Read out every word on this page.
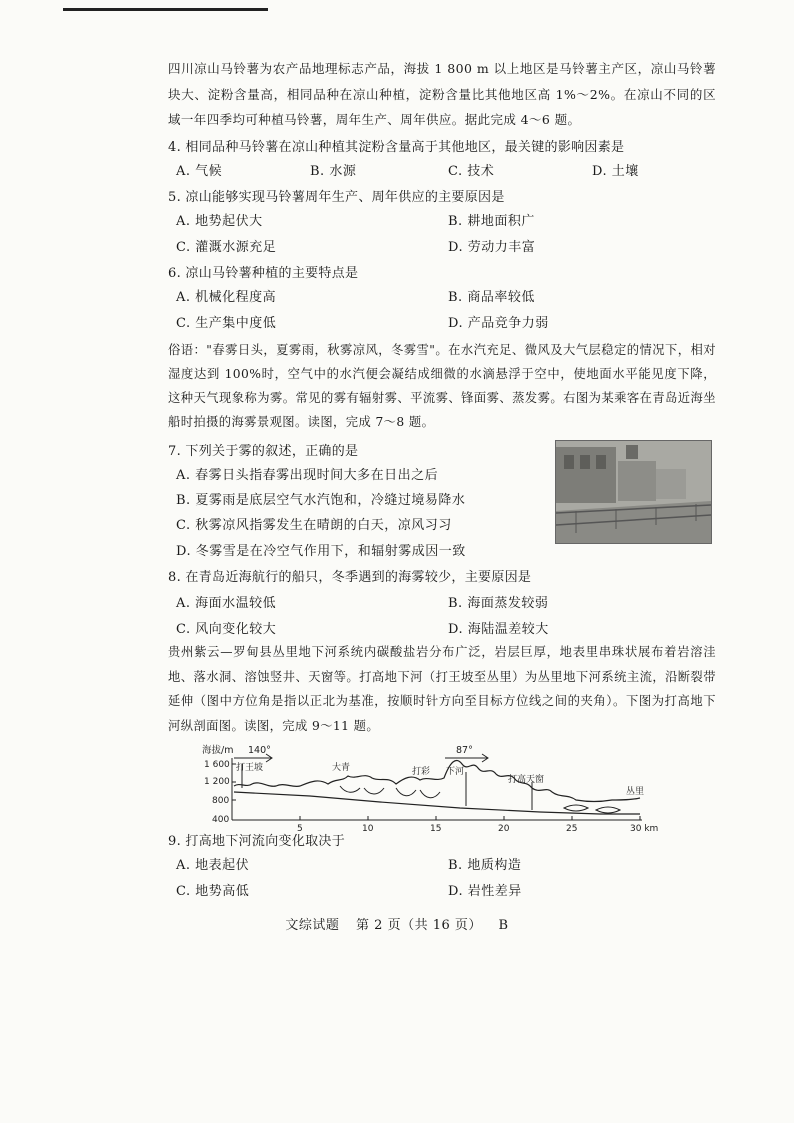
四川凉山马铃薯为农产品地理标志产品，海拔 1 800 m 以上地区是马铃薯主产区，凉山马铃薯块大、淀粉含量高，相同品种在凉山种植，淀粉含量比其他地区高 1%～2%。在凉山不同的区域一年四季均可种植马铃薯，周年生产、周年供应。据此完成 4～6 题。
4. 相同品种马铃薯在凉山种植其淀粉含量高于其他地区，最关键的影响因素是
A. 气候	B. 水源	C. 技术	D. 土壤
5. 凉山能够实现马铃薯周年生产、周年供应的主要原因是
A. 地势起伏大	B. 耕地面积广
C. 灌溉水源充足	D. 劳动力丰富
6. 凉山马铃薯种植的主要特点是
A. 机械化程度高	B. 商品率较低
C. 生产集中度低	D. 产品竞争力弱
俗语："春雾日头，夏雾雨，秋雾凉风，冬雾雪"。在水汽充足、微风及大气层稳定的情况下，相对湿度达到 100%时，空气中的水汽便会凝结成细微的水滴悬浮于空中，使地面水平能见度下降，这种天气现象称为雾。常见的雾有辐射雾、平流雾、锋面雾、蒸发雾。右图为某乘客在青岛近海坐船时拍摄的海雾景观图。读图，完成 7～8 题。
7. 下列关于雾的叙述，正确的是
A. 春雾日头指春雾出现时间大多在日出之后
B. 夏雾雨是底层空气水汽饱和，冷缝过境易降水
C. 秋雾凉风指雾发生在晴朗的白天，凉风习习
D. 冬雾雪是在冷空气作用下，和辐射雾成因一致
8. 在青岛近海航行的船只，冬季遇到的海雾较少，主要原因是
A. 海面水温较低	B. 海面蒸发较弱
C. 风向变化较大	D. 海陆温差较大
贵州紫云—罗甸县丛里地下河系统内碳酸盐岩分布广泛，岩层巨厚，地表里串珠状展布着岩溶洼地、落水洞、溶蚀竖井、天窗等。打高地下河（打王坡至丛里）为丛里地下河系统主流，沿断裂带延伸（图中方位角是指以正北为基准，按顺时针方向至目标方位线之间的夹角）。下图为打高地下河纵剖面图。读图，完成 9～11 题。
海拔/m 140°	87°
1 600
1 200
800
400
5	10	15	20	25	30 km
打王坡	大青	打彩 下河
打高天窗
丛里
9. 打高地下河流向变化取决于
A. 地表起伏	B. 地质构造
C. 地势高低	D. 岩性差异
文综试题 第 2 页（共 16 页） B
